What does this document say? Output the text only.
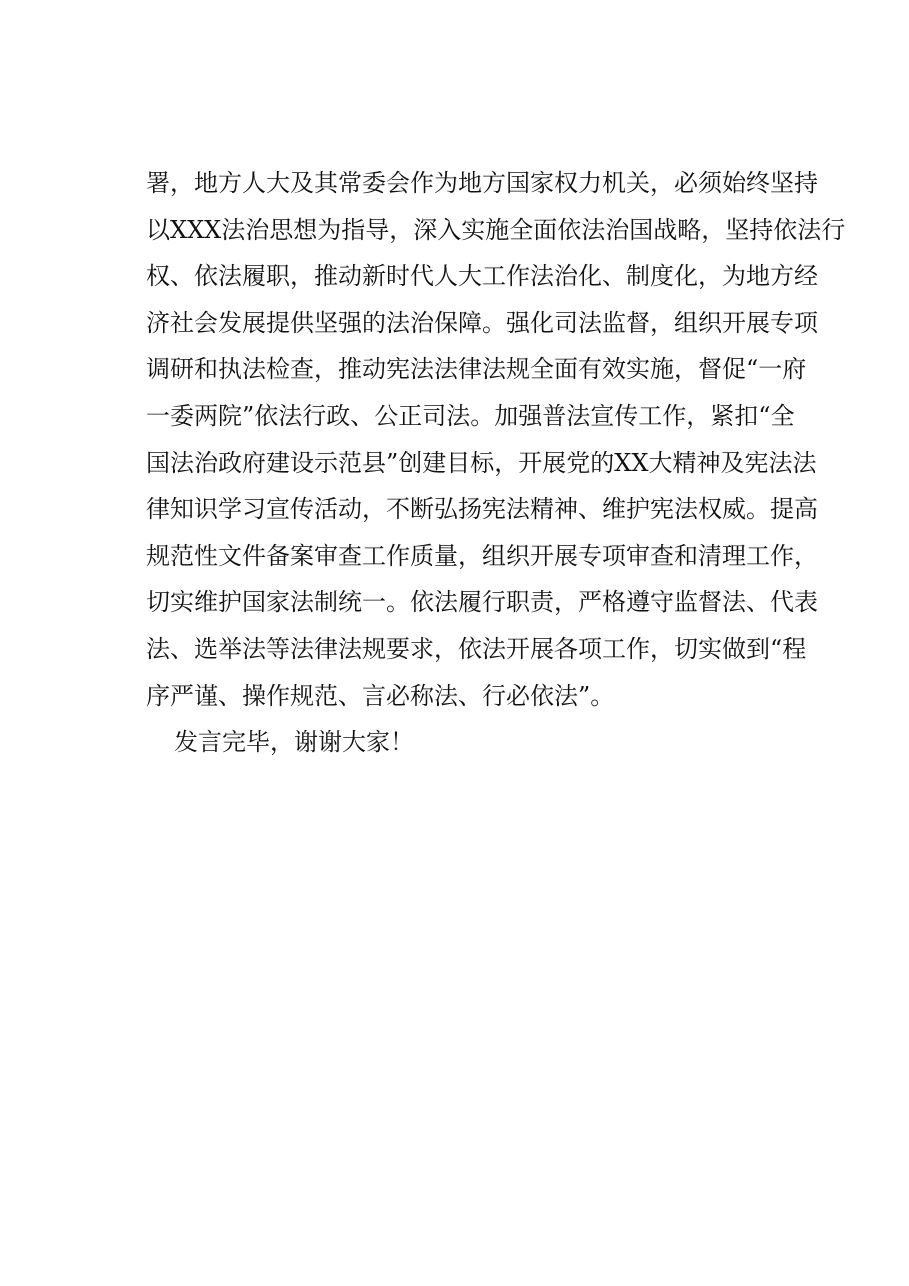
署，地方人大及其常委会作为地方国家权力机关，必须始终坚持
以XXX法治思想为指导，深入实施全面依法治国战略，坚持依法行
权、依法履职，推动新时代人大工作法治化、制度化，为地方经
济社会发展提供坚强的法治保障。强化司法监督，组织开展专项
调研和执法检查，推动宪法法律法规全面有效实施，督促“一府
一委两院”依法行政、公正司法。加强普法宣传工作，紧扣“全
国法治政府建设示范县”创建目标，开展党的XX大精神及宪法法
律知识学习宣传活动，不断弘扬宪法精神、维护宪法权威。提高
规范性文件备案审查工作质量，组织开展专项审查和清理工作，
切实维护国家法制统一。依法履行职责，严格遵守监督法、代表
法、选举法等法律法规要求，依法开展各项工作，切实做到“程
序严谨、操作规范、言必称法、行必依法”。
发言完毕，谢谢大家！
